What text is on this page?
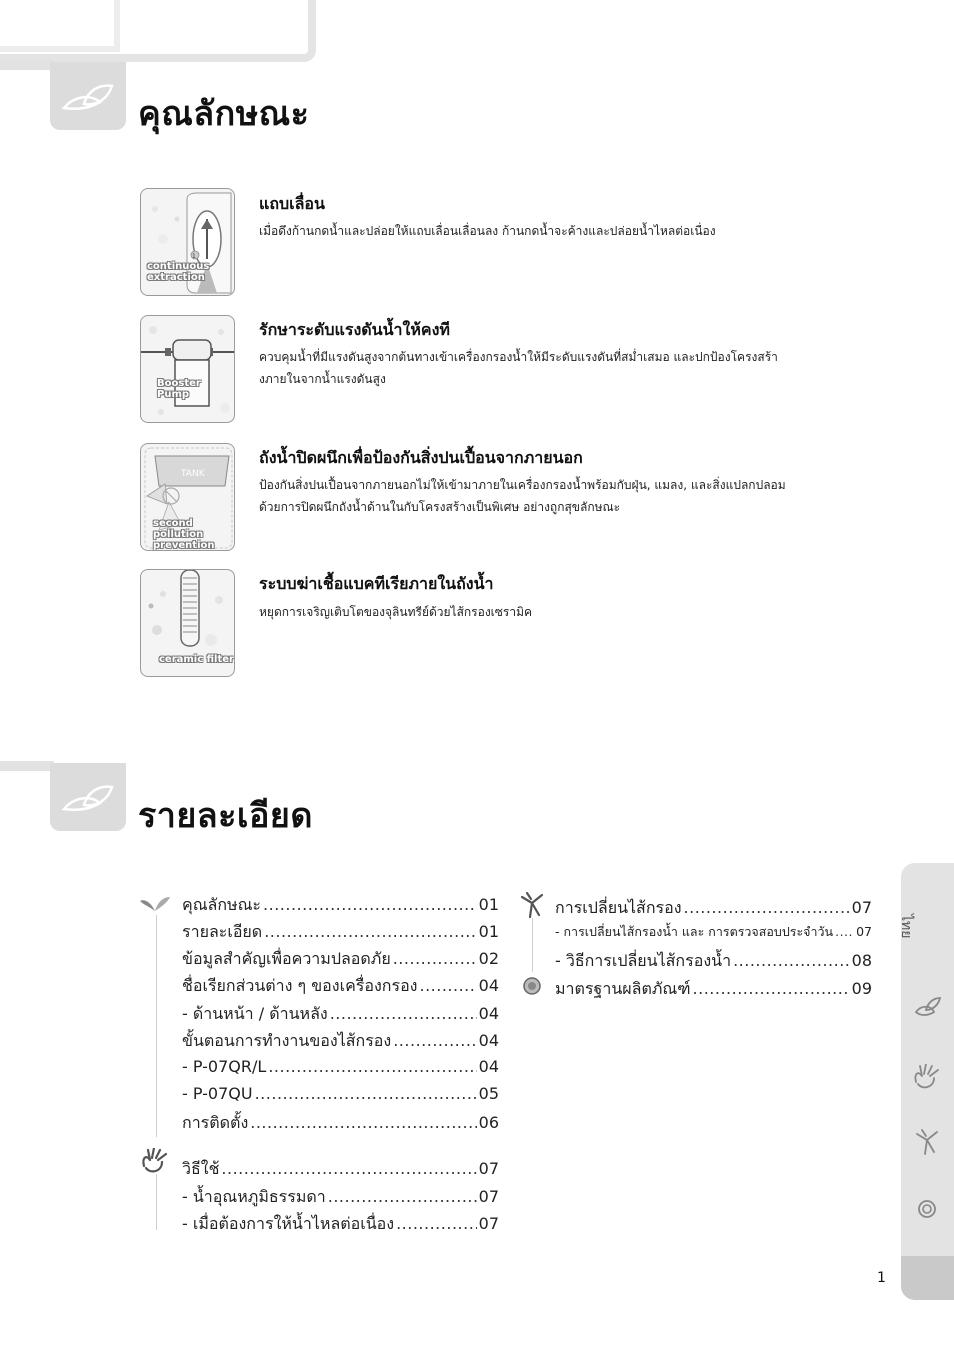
คุณลักษณะ
1
continuous
extraction
แถบเลื่อน
เมื่อดึงก้านกดน้ำและปล่อยให้แถบเลื่อนเลื่อนลง ก้านกดน้ำจะค้างและปล่อยน้ำไหลต่อเนื่อง
Booster Pump
รักษาระดับแรงดันน้ำให้คงที
ควบคุมน้ำที่มีแรงดันสูงจากต้นทางเข้าเครื่องกรองน้ำให้มีระดับแรงดันที่สม่ำเสมอ และปกป้องโครงสร้า
งภายในจากน้ำแรงดันสูง
TANK
second pollution
prevention
ถังน้ำปิดผนึกเพื่อป้องกันสิ่งปนเปื้อนจากภายนอก
ป้องกันสิ่งปนเปื้อนจากภายนอกไม่ให้เข้ามาภายในเครื่องกรองน้ำพร้อมกับฝุ่น, แมลง, และสิ่งแปลกปลอม
ด้วยการปิดผนึกถังน้ำด้านในกับโครงสร้างเป็นพิเศษ อย่างถูกสุขลักษณะ
ceramic filter
ระบบฆ่าเชื้อแบคทีเรียภายในถังน้ำ
หยุดการเจริญเติบโตของจุลินทรีย์ด้วยไส้กรองเซรามิค
รายละเอียด
คุณลักษณะ .....	01
รายละเอียด .....	01
ข้อมูลสำคัญเพื่อความปลอดภัย .....	02
ชื่อเรียกส่วนต่าง ๆ ของเครื่องกรอง .....	04
- ด้านหน้า / ด้านหลัง .....	04
ขั้นตอนการทำงานของไส้กรอง .....	04
- P-07QR/L .....	04
- P-07QU .....	05
การติดตั้ง .....	06
วิธีใช้ .....	07
- น้ำอุณหภูมิธรรมดา .....	07
- เมื่อต้องการให้น้ำไหลต่อเนื่อง .....	07
การเปลี่ยนไส้กรอง .....	07
- การเปลี่ยนไส้กรองน้ำ และ การตรวจสอบประจำวัน ..... 07
- วิธีการเปลี่ยนไส้กรองน้ำ .....	08
มาตรฐานผลิตภัณฑ์ .....	09
ไทย
1
